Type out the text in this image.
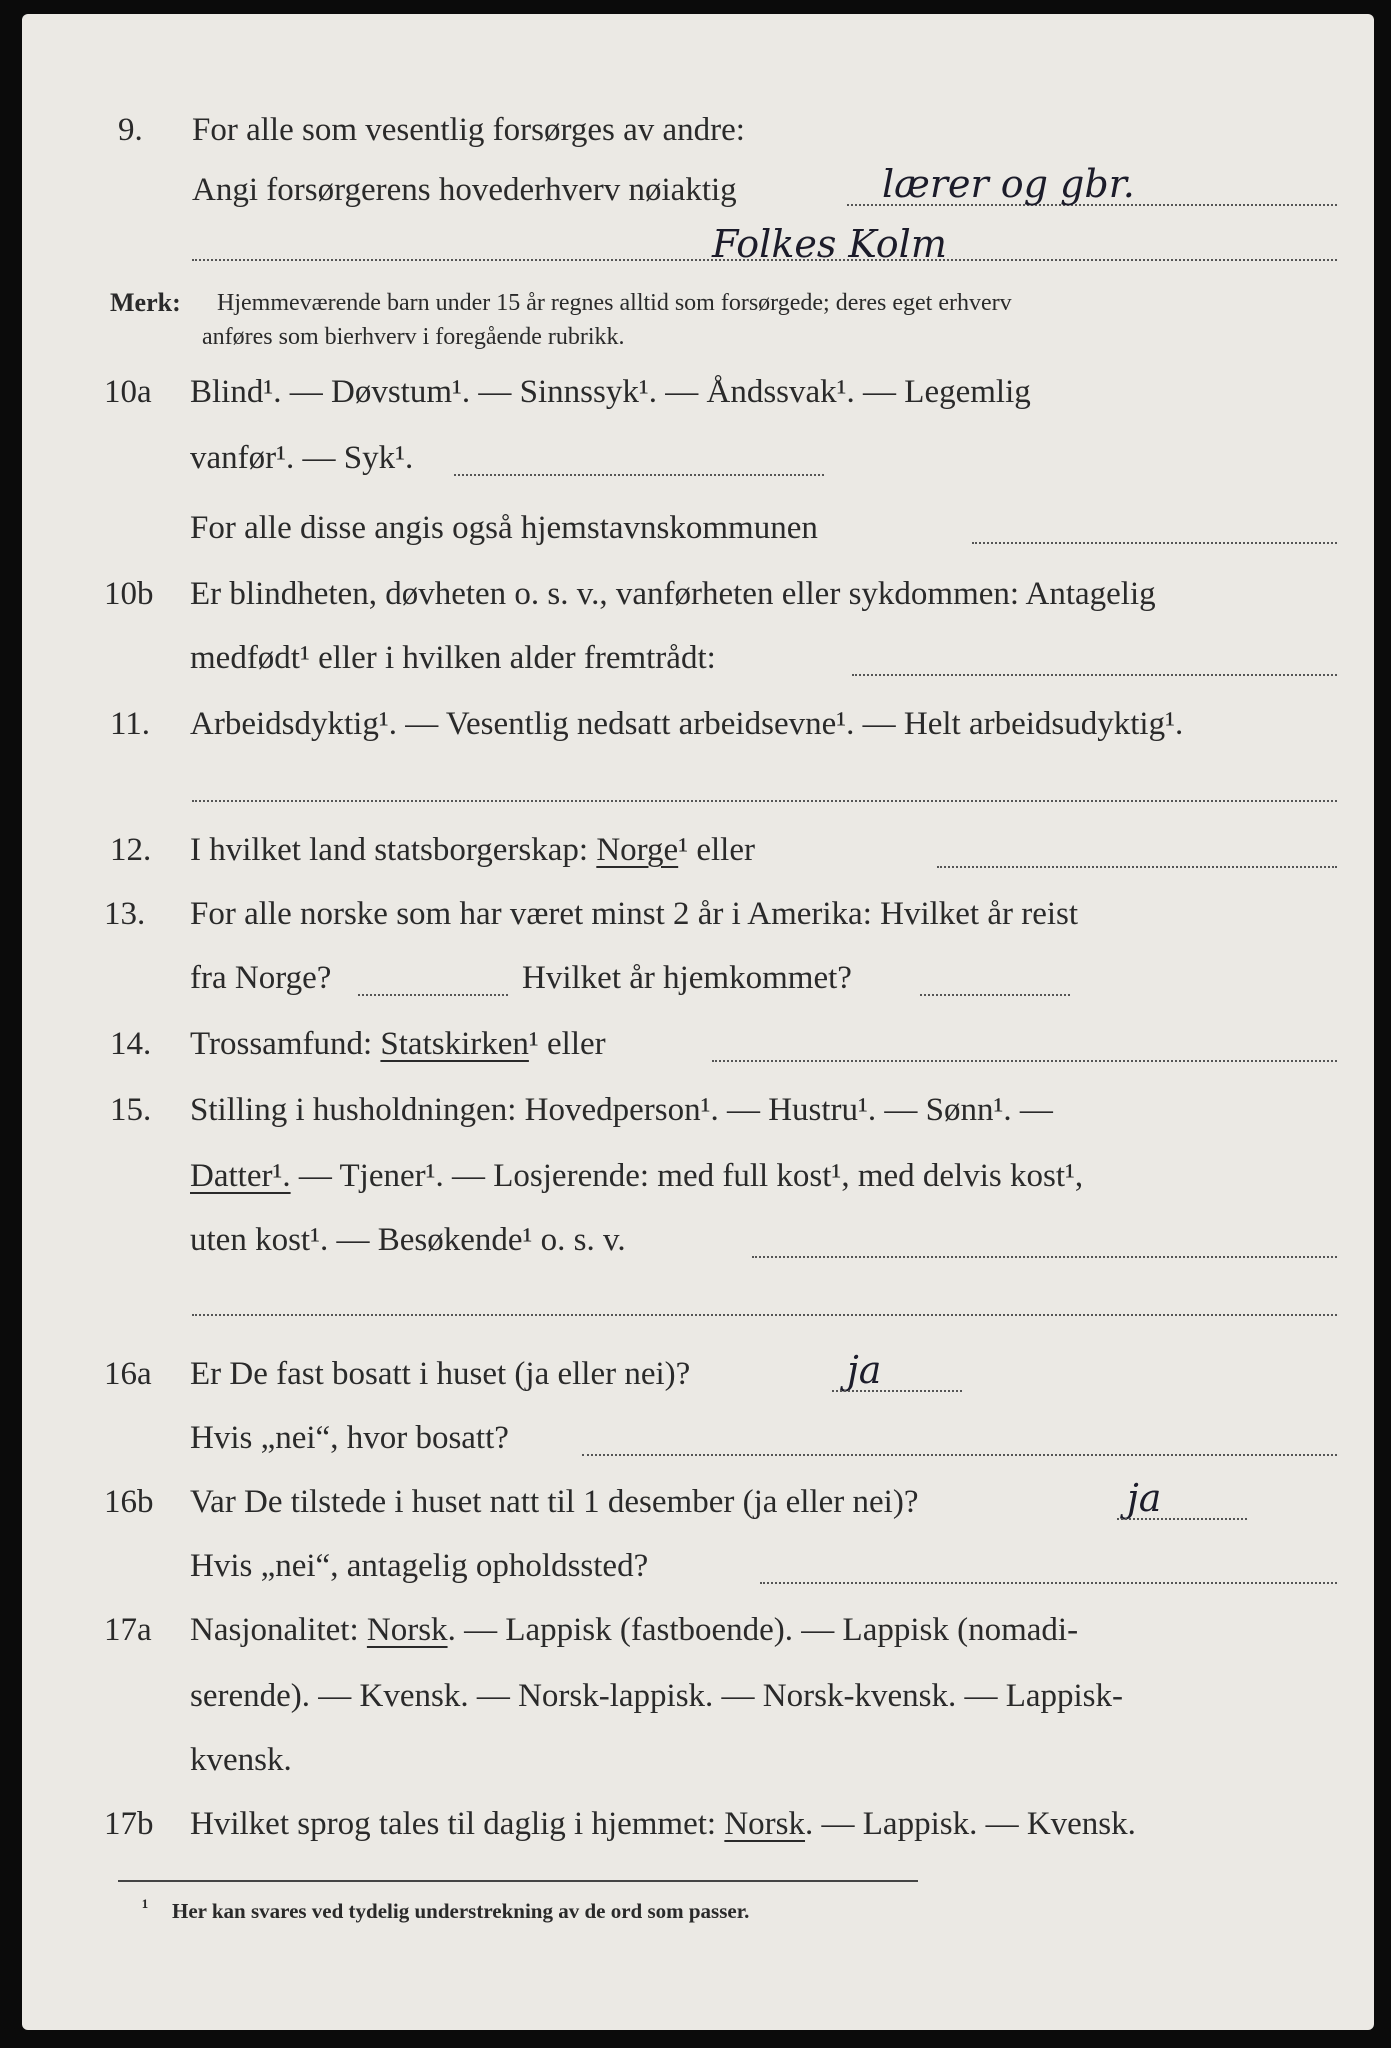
9. For alle som vesentlig forsørges av andre:
Angi forsørgerens hovederhverv nøiaktig	lærer og gbr.
Folkes Kolm
Merk: Hjemmeværende barn under 15 år regnes alltid som forsørgede; deres eget erhverv
anføres som bierhverv i foregående rubrikk.
10a Blind¹. — Døvstum¹. — Sinnssyk¹. — Åndssvak¹. — Legemlig
vanfør¹. — Syk¹.
For alle disse angis også hjemstavnskommunen
10b Er blindheten, døvheten o. s. v., vanførheten eller sykdommen: Antagelig
medfødt¹ eller i hvilken alder fremtrådt:
11. Arbeidsdyktig¹. — Vesentlig nedsatt arbeidsevne¹. — Helt arbeidsudyktig¹.
12. I hvilket land statsborgerskap: Norge¹ eller
13. For alle norske som har været minst 2 år i Amerika: Hvilket år reist
fra Norge?	Hvilket år hjemkommet?
14. Trossamfund: Statskirken¹ eller
15. Stilling i husholdningen: Hovedperson¹. — Hustru¹. — Sønn¹. —
Datter¹. — Tjener¹. — Losjerende: med full kost¹, med delvis kost¹,
uten kost¹. — Besøkende¹ o. s. v.
16a Er De fast bosatt i huset (ja eller nei)?	ja
Hvis „nei“, hvor bosatt?
16b Var De tilstede i huset natt til 1 desember (ja eller nei)?	ja
Hvis „nei“, antagelig opholdssted?
17a Nasjonalitet: Norsk. — Lappisk (fastboende). — Lappisk (nomadi-
serende). — Kvensk. — Norsk-lappisk. — Norsk-kvensk. — Lappisk-
kvensk.
17b Hvilket sprog tales til daglig i hjemmet: Norsk. — Lappisk. — Kvensk.
¹ Her kan svares ved tydelig understrekning av de ord som passer.
